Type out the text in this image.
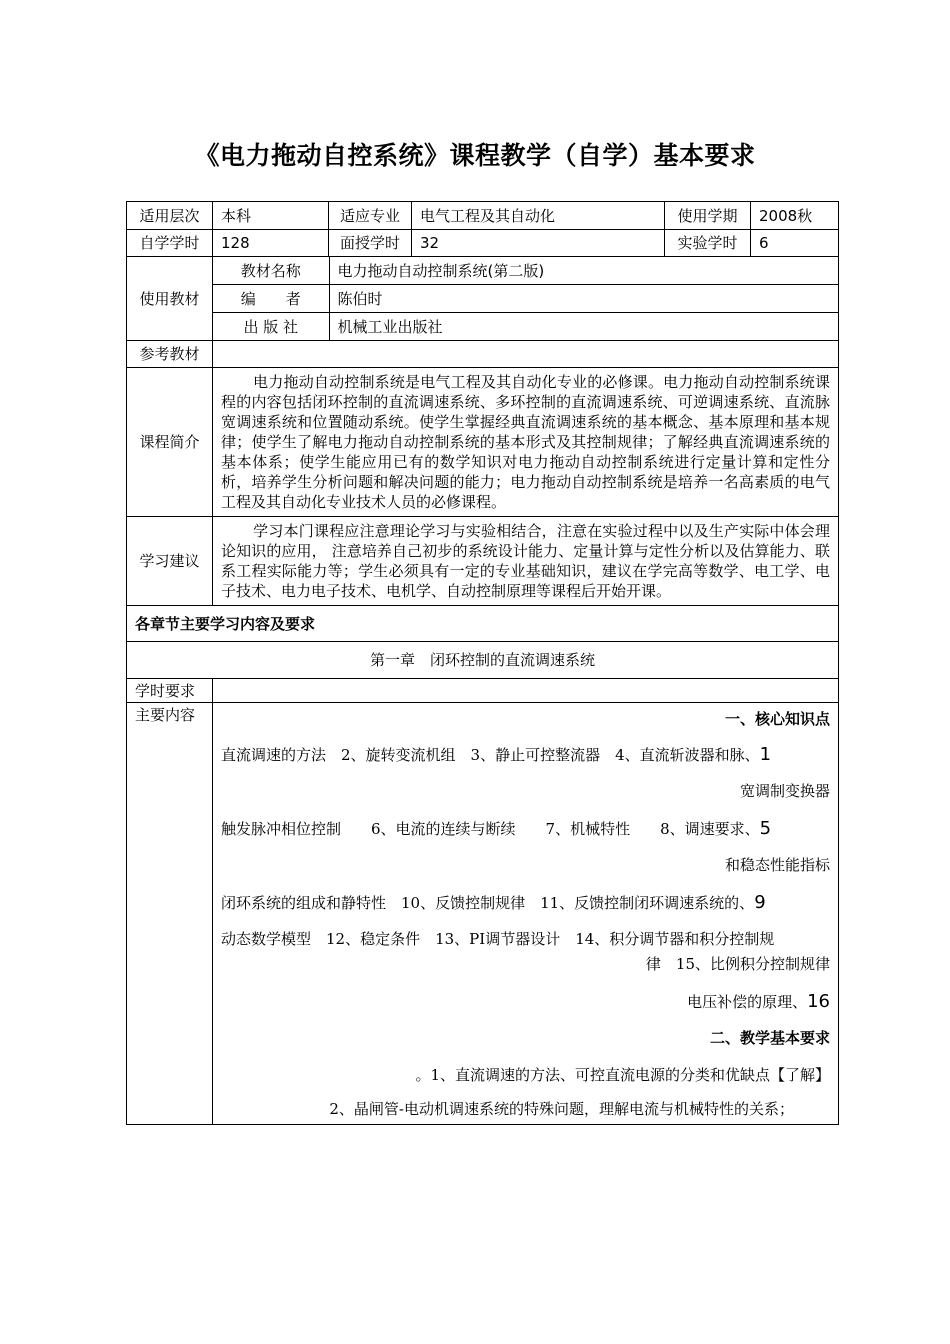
《电力拖动自控系统》课程教学（自学）基本要求
适用层次	本科	适应专业	电气工程及其自动化	使用学期	2008秋
自学学时	128	面授学时	32	实验学时	6
使用教材	
教材名称	电力拖动自动控制系统(第二版)
编　　者	陈伯时
出 版 社	机械工业出版社

参考教材	
课程简介	电力拖动自动控制系统是电气工程及其自动化专业的必修课。电力拖动自动控制系统课程的内容包括闭环控制的直流调速系统、多环控制的直流调速系统、可逆调速系统、直流脉宽调速系统和位置随动系统。使学生掌握经典直流调速系统的基本概念、基本原理和基本规律；使学生了解电力拖动自动控制系统的基本形式及其控制规律；了解经典直流调速系统的基本体系；使学生能应用已有的数学知识对电力拖动自动控制系统进行定量计算和定性分析，培养学生分析问题和解决问题的能力；电力拖动自动控制系统是培养一名高素质的电气工程及其自动化专业技术人员的必修课程。
学习建议	学习本门课程应注意理论学习与实验相结合，注意在实验过程中以及生产实际中体会理论知识的应用， 注意培养自己初步的系统设计能力、定量计算与定性分析以及估算能力、联系工程实际能力等；学生必须具有一定的专业基础知识，建议在学完高等数学、电工学、电子技术、电力电子技术、电机学、自动控制原理等课程后开始开课。
各章节主要学习内容及要求
第一章　闭环控制的直流调速系统
学时要求	
主要内容	一、核心知识点
直流调速的方法　2、旋转变流机组　3、静止可控整流器　4、直流斩波器和脉、1
宽调制变换器
触发脉冲相位控制　　6、电流的连续与断续　　7、机械特性　　8、调速要求、5
和稳态性能指标
闭环系统的组成和静特性　10、反馈控制规律　11、反馈控制闭环调速系统的、9
动态数学模型　12、稳定条件　13、PI调节器设计　14、积分调节器和积分控制规
律　15、比例积分控制规律
电压补偿的原理、16
二、教学基本要求
。1、直流调速的方法、可控直流电源的分类和优缺点【了解】
2、晶闸管-电动机调速系统的特殊问题，理解电流与机械特性的关系；
